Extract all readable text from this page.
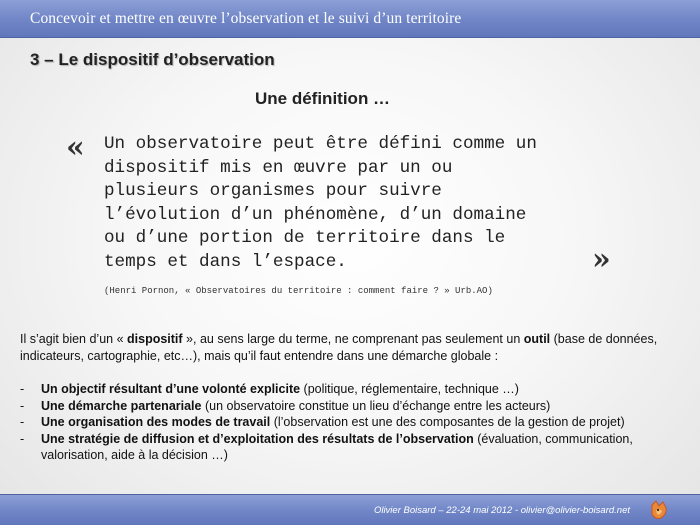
Concevoir et mettre en œuvre l’observation et le suivi d’un territoire
3 – Le dispositif d’observation
Une définition …
« Un observatoire peut être défini comme un
dispositif mis en œuvre par un ou
plusieurs organismes pour suivre
l’évolution d’un phénomène, d’un domaine
ou d’une portion de territoire dans le
temps et dans l’espace.	»
(Henri Pornon, « Observatoires du territoire : comment faire ? » Urb.AO)

Il s’agit bien d’un « dispositif », au sens large du terme, ne comprenant pas seulement un outil (base de données, indicateurs, cartographie, etc…), mais qu’il faut entendre dans une démarche globale :

- Un objectif résultant d’une volonté explicite (politique, réglementaire, technique …)
- Une démarche partenariale (un observatoire constitue un lieu d’échange entre les acteurs)
- Une organisation des modes de travail (l’observation est une des composantes de la gestion de projet)
- Une stratégie de diffusion et d’exploitation des résultats de l’observation (évaluation, communication, valorisation, aide à la décision …)
Olivier Boisard – 22-24 mai 2012 - olivier@olivier-boisard.net
